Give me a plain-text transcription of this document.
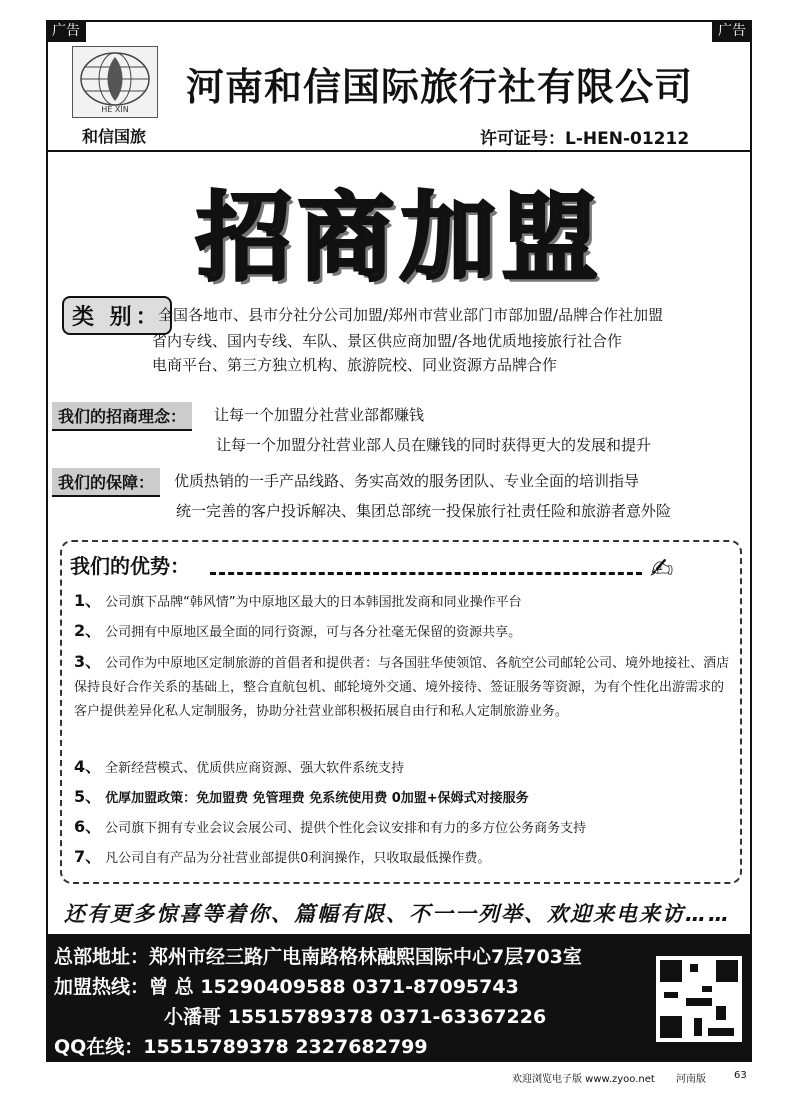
广告	广告
HE XIN
和信国旅
河南和信国际旅行社有限公司
许可证号：L-HEN-01212
招商加盟
类 别：
全国各地市、县市分社分公司加盟/郑州市营业部门市部加盟/品牌合作社加盟
省内专线、国内专线、车队、景区供应商加盟/各地优质地接旅行社合作
电商平台、第三方独立机构、旅游院校、同业资源方品牌合作
我们的招商理念：	让每一个加盟分社营业部都赚钱
让每一个加盟分社营业部人员在赚钱的同时获得更大的发展和提升
我们的保障：	优质热销的一手产品线路、务实高效的服务团队、专业全面的培训指导
统一完善的客户投诉解决、集团总部统一投保旅行社责任险和旅游者意外险
我们的优势：	✍
1、 公司旗下品牌“韩风情”为中原地区最大的日本韩国批发商和同业操作平台
2、 公司拥有中原地区最全面的同行资源，可与各分社毫无保留的资源共享。
3、 公司作为中原地区定制旅游的首倡者和提供者：与各国驻华使领馆、各航空公司邮轮公司、境外地接社、酒店保持良好合作关系的基础上，整合直航包机、邮轮境外交通、境外接待、签证服务等资源，为有个性化出游需求的客户提供差异化私人定制服务，协助分社营业部积极拓展自由行和私人定制旅游业务。
4、 全新经营模式、优质供应商资源、强大软件系统支持
5、 优厚加盟政策：免加盟费 免管理费 免系统使用费 0加盟+保姆式对接服务
6、 公司旗下拥有专业会议会展公司、提供个性化会议安排和有力的多方位公务商务支持
7、 凡公司自有产品为分社营业部提供0利润操作，只收取最低操作费。
还有更多惊喜等着你、篇幅有限、不一一列举、欢迎来电来访……
总部地址：郑州市经三路广电南路格林融熙国际中心7层703室
加盟热线：曾 总 15290409588 0371-87095743
小潘哥 15515789378 0371-63367226
QQ在线：15515789378 2327682799
欢迎浏览电子版 www.zyoo.net 河南版	63
